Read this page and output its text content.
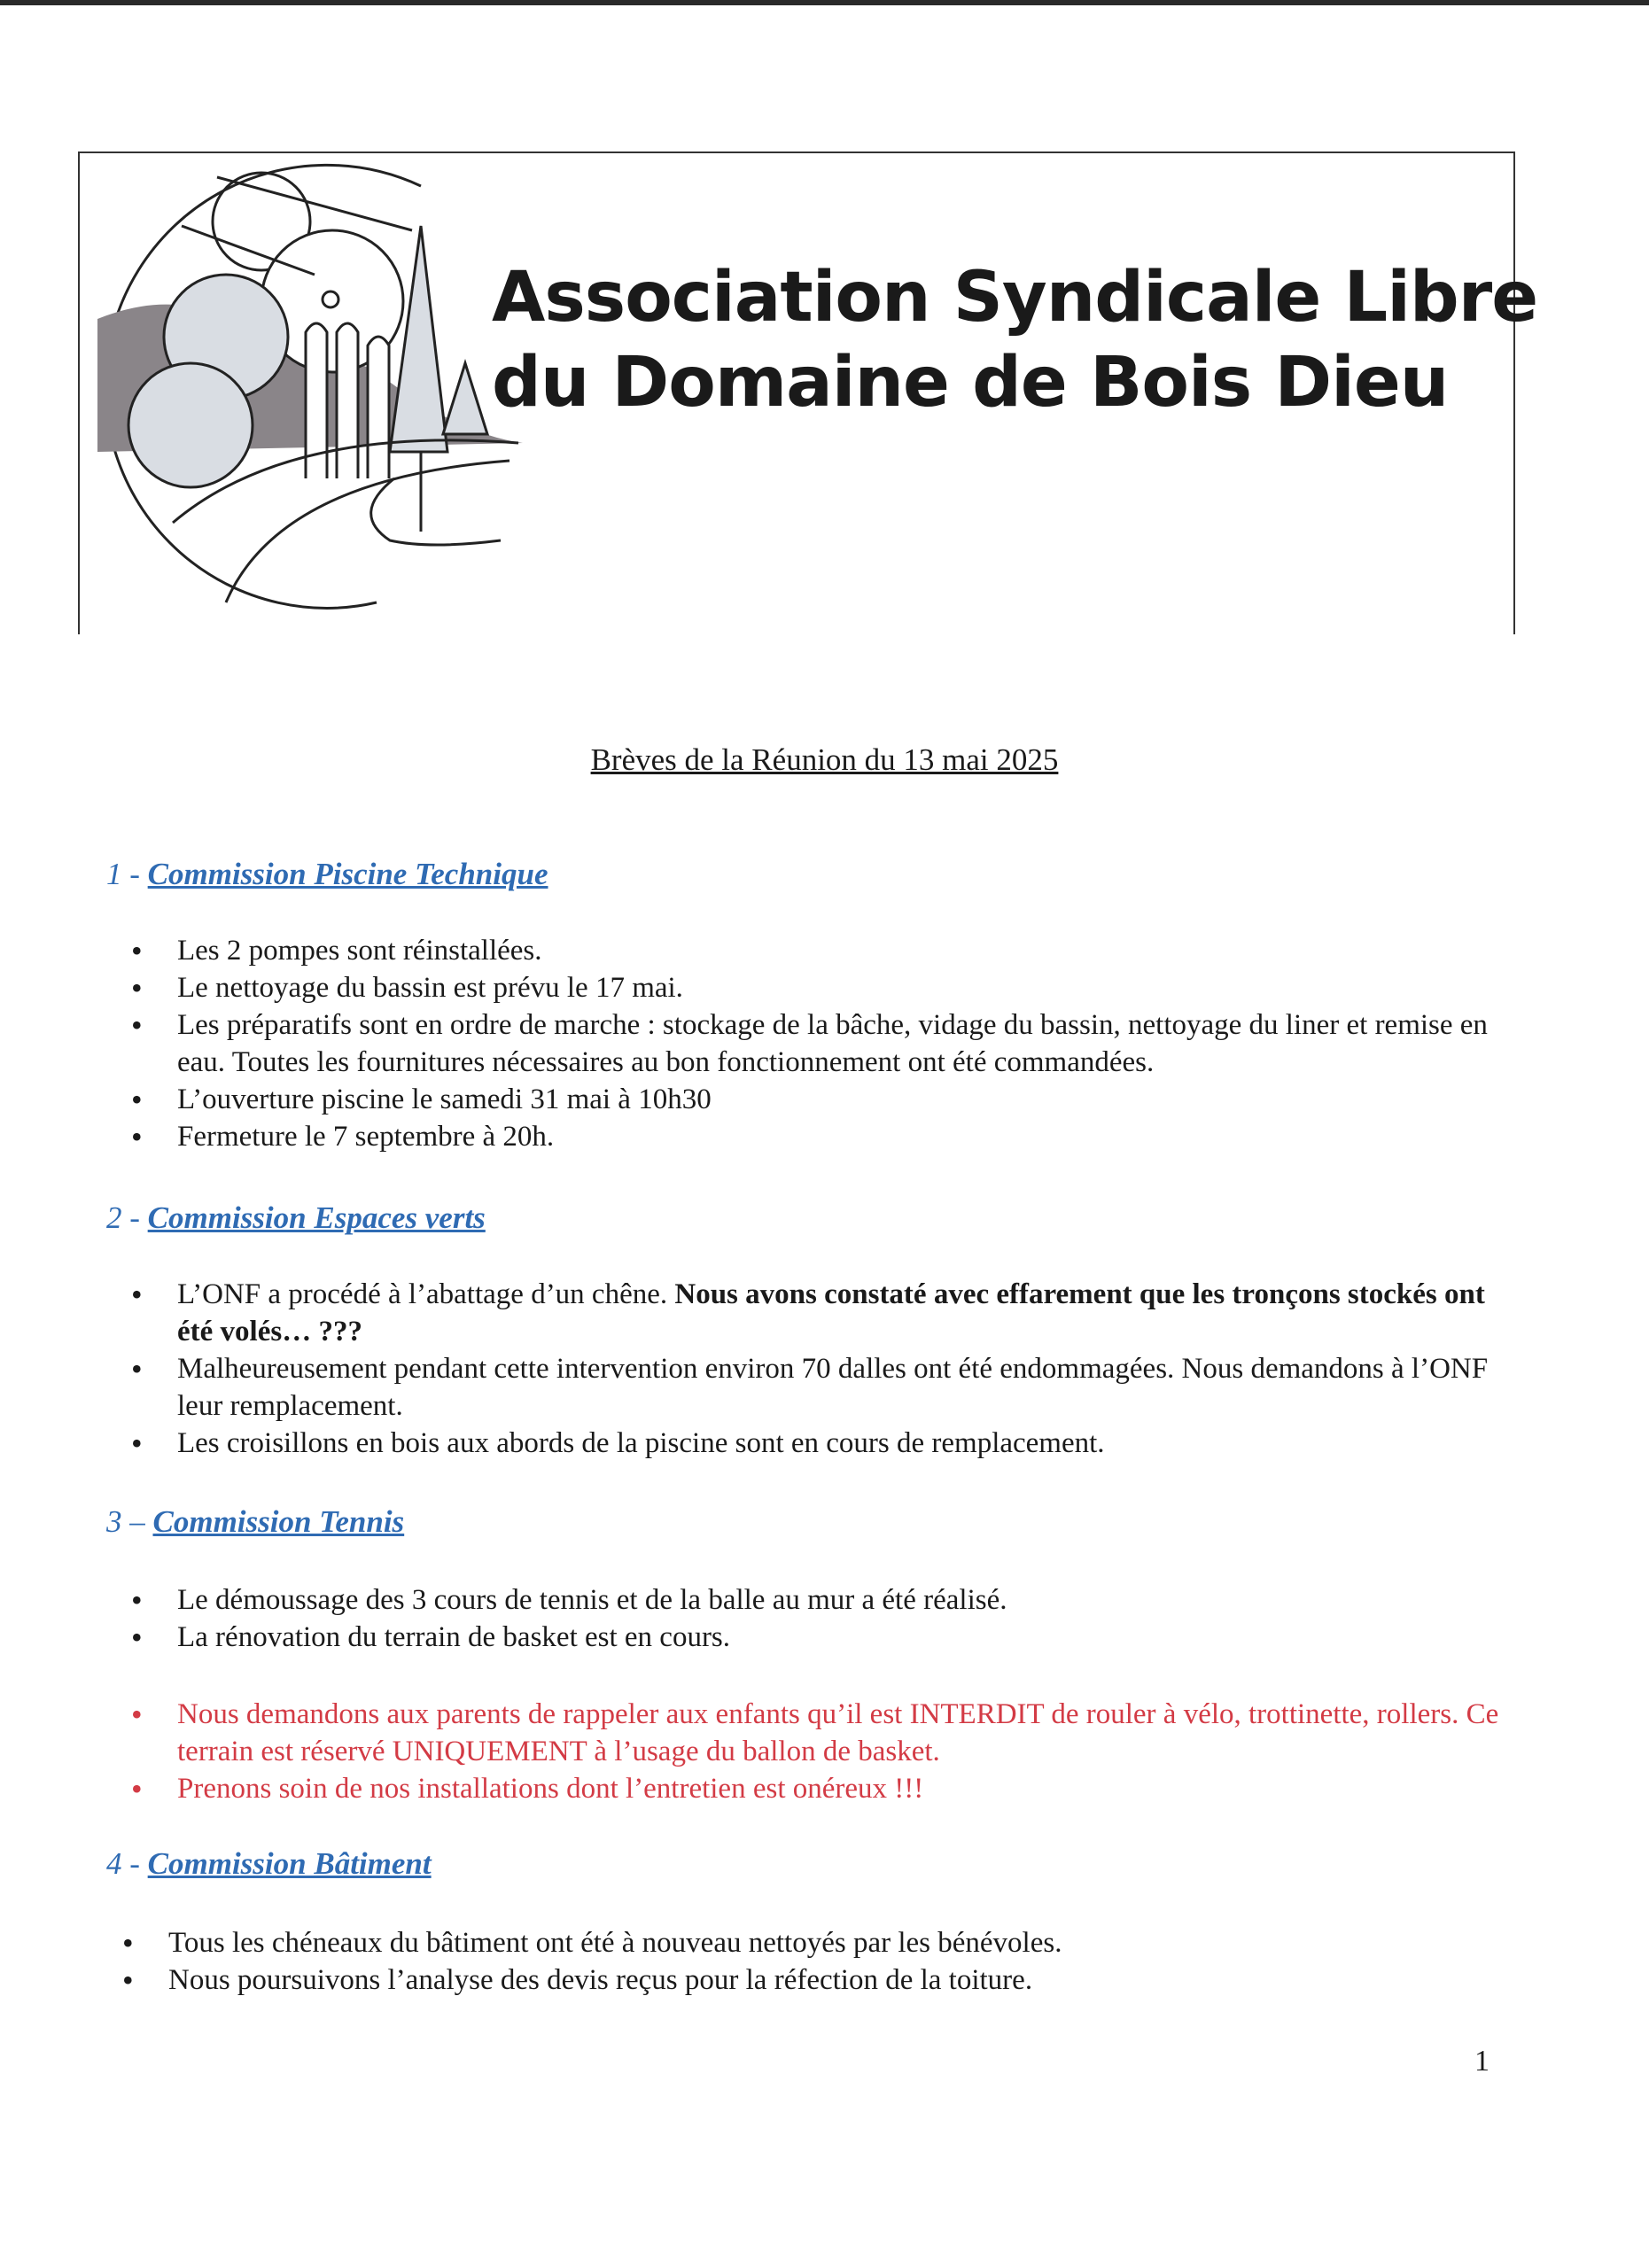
Association Syndicale Libre
du Domaine de Bois Dieu
Brèves de la Réunion du 13 mai 2025
1 - Commission Piscine Technique
• Les 2 pompes sont réinstallées.
• Le nettoyage du bassin est prévu le 17 mai.
• Les préparatifs sont en ordre de marche : stockage de la bâche, vidage du bassin, nettoyage du liner et remise en eau. Toutes les fournitures nécessaires au bon fonctionnement ont été commandées.
• L’ouverture piscine le samedi 31 mai à 10h30
• Fermeture le 7 septembre à 20h.
2 - Commission Espaces verts
• L’ONF a procédé à l’abattage d’un chêne. Nous avons constaté avec effarement que les tronçons stockés ont été volés… ???
• Malheureusement pendant cette intervention environ 70 dalles ont été endommagées. Nous demandons à l’ONF leur remplacement.
• Les croisillons en bois aux abords de la piscine sont en cours de remplacement.
3 – Commission Tennis
• Le démoussage des 3 cours de tennis et de la balle au mur a été réalisé.
• La rénovation du terrain de basket est en cours.
• Nous demandons aux parents de rappeler aux enfants qu’il est INTERDIT de rouler à vélo, trottinette, rollers. Ce terrain est réservé UNIQUEMENT à l’usage du ballon de basket.
• Prenons soin de nos installations dont l’entretien est onéreux !!!
4 - Commission Bâtiment
• Tous les chéneaux du bâtiment ont été à nouveau nettoyés par les bénévoles.
• Nous poursuivons l’analyse des devis reçus pour la réfection de la toiture.
1
